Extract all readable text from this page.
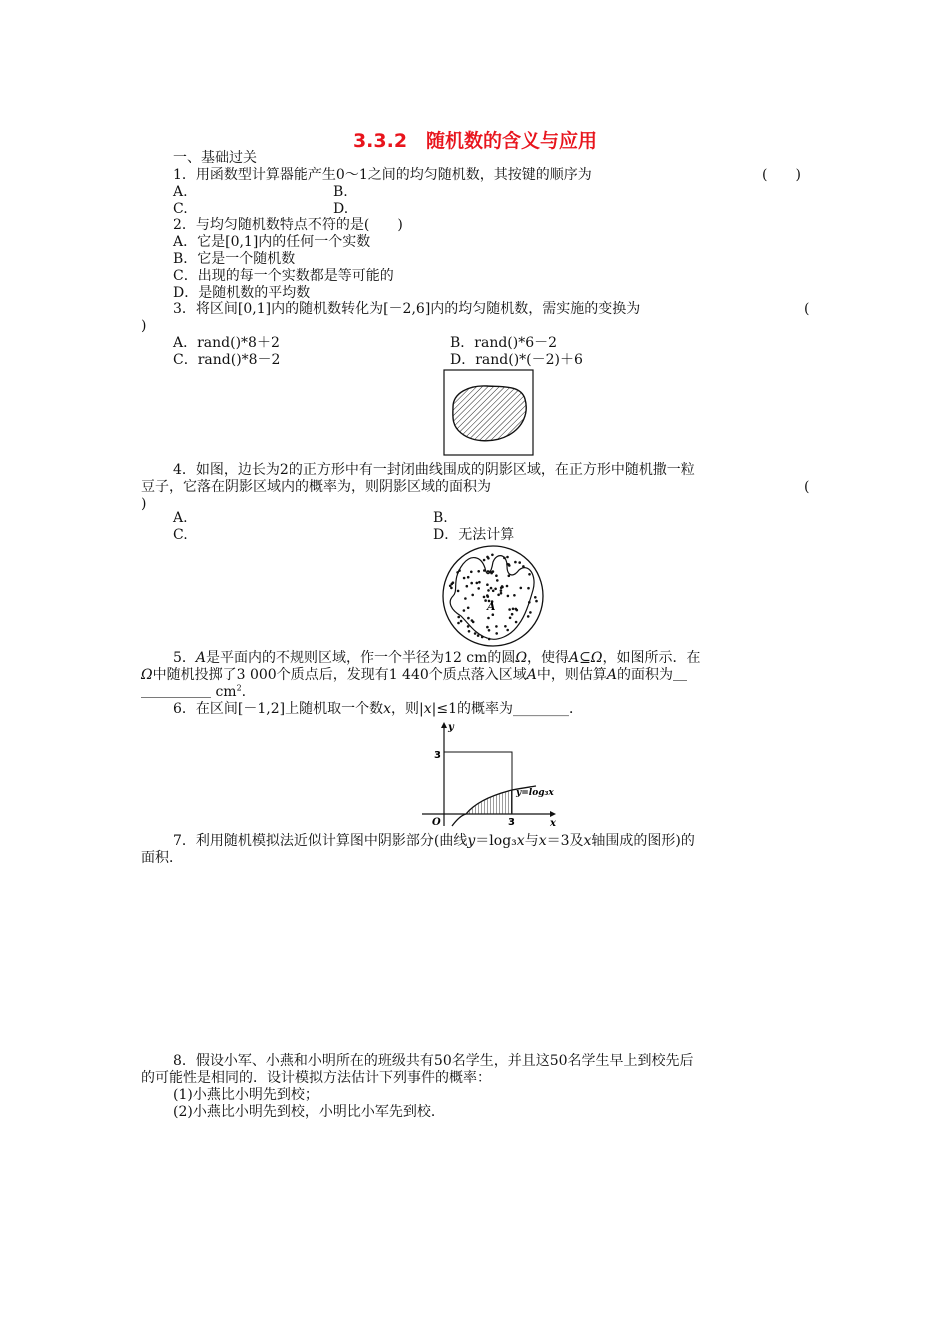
3.3.2　随机数的含义与应用
一、基础过关
1．用函数型计算器能产生0～1之间的均匀随机数，其按键的顺序为	(　　)
A.	B.
C.	D.
2．与均匀随机数特点不符的是(　　)
A．它是[0,1]内的任何一个实数
B．它是一个随机数
C．出现的每一个实数都是等可能的
D．是随机数的平均数
3．将区间[0,1]内的随机数转化为[－2,6]内的均匀随机数，需实施的变换为	(
)
A．rand()*8＋2	B．rand()*6－2
C．rand()*8－2	D．rand()*(－2)＋6
4．如图，边长为2的正方形中有一封闭曲线围成的阴影区域，在正方形中随机撒一粒
豆子，它落在阴影区域内的概率为，则阴影区域的面积为	(
)
A.	B.
C.	D．无法计算
A
5．A是平面内的不规则区域，作一个半径为12 cm的圆Ω，使得A⊆Ω，如图所示．在
Ω中随机投掷了3 000个质点后，发现有1 440个质点落入区域A中，则估算A的面积为＿
＿＿＿＿＿ $cm^2$.
6．在区间[－1,2]上随机取一个数x，则|x|≤1的概率为________．
3
3
O
y
x
y=log₃x
7．利用随机模拟法近似计算图中阴影部分(曲线y＝log₃x与x＝3及x轴围成的图形)的
面积．
8．假设小军、小燕和小明所在的班级共有50名学生，并且这50名学生早上到校先后
的可能性是相同的．设计模拟方法估计下列事件的概率：
(1)小燕比小明先到校；
(2)小燕比小明先到校，小明比小军先到校．
